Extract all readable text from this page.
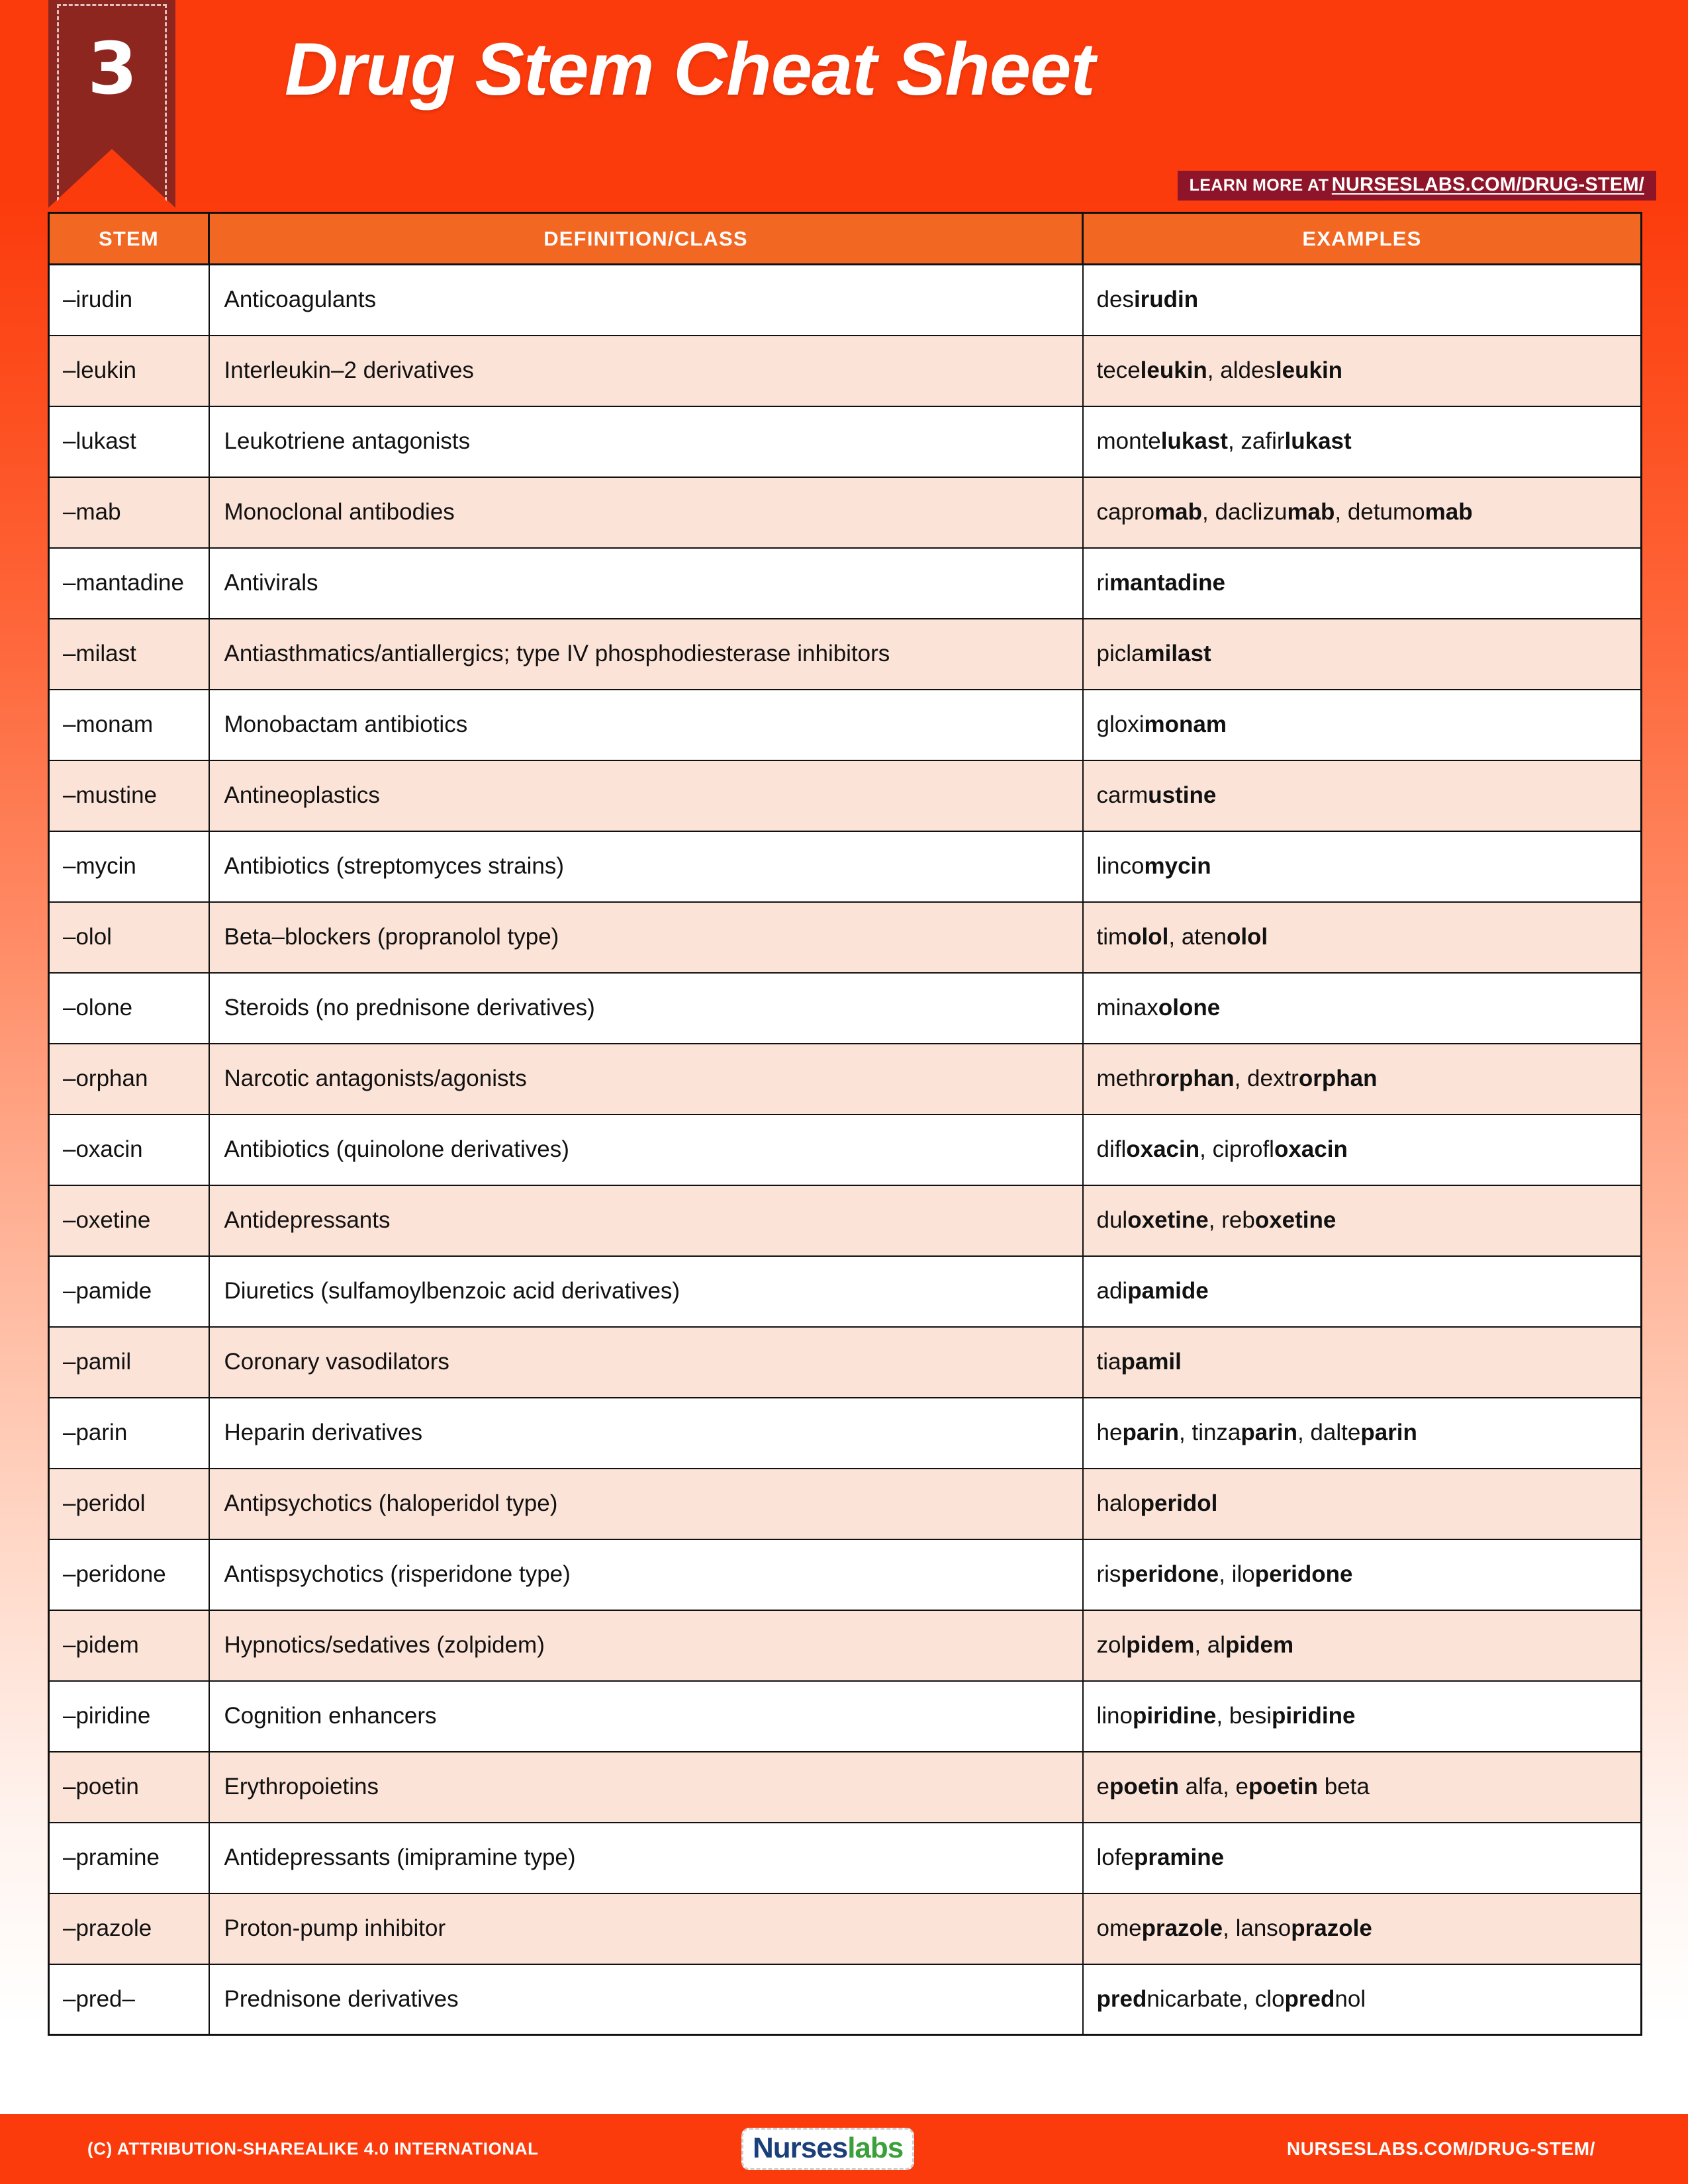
3	Drug Stem Cheat Sheet
LEARN MORE AT NURSESLABS.COM/DRUG-STEM/
STEM	DEFINITION/CLASS	EXAMPLES
–irudin	Anticoagulants	desirudin
–leukin	Interleukin–2 derivatives	teceleukin, aldesleukin
–lukast	Leukotriene antagonists	montelukast, zafirlukast
–mab	Monoclonal antibodies	capromab, daclizumab, detumomab
–mantadine	Antivirals	rimantadine
–milast	Antiasthmatics/antiallergics; type IV phosphodiesterase inhibitors	piclamilast
–monam	Monobactam antibiotics	gloximonam
–mustine	Antineoplastics	carmustine
–mycin	Antibiotics (streptomyces strains)	lincomycin
–olol	Beta–blockers (propranolol type)	timolol, atenolol
–olone	Steroids (no prednisone derivatives)	minaxolone
–orphan	Narcotic antagonists/agonists	methrorphan, dextrorphan
–oxacin	Antibiotics (quinolone derivatives)	difloxacin, ciprofloxacin
–oxetine	Antidepressants	duloxetine, reboxetine
–pamide	Diuretics (sulfamoylbenzoic acid derivatives)	adipamide
–pamil	Coronary vasodilators	tiapamil
–parin	Heparin derivatives	heparin, tinzaparin, dalteparin
–peridol	Antipsychotics (haloperidol type)	haloperidol
–peridone	Antispsychotics (risperidone type)	risperidone, iloperidone
–pidem	Hypnotics/sedatives (zolpidem)	zolpidem, alpidem
–piridine	Cognition enhancers	linopiridine, besipiridine
–poetin	Erythropoietins	epoetin alfa, epoetin beta
–pramine	Antidepressants (imipramine type)	lofepramine
–prazole	Proton-pump inhibitor	omeprazole, lansoprazole
–pred–	Prednisone derivatives	prednicarbate, cloprednol
(C) ATTRIBUTION-SHAREALIKE 4.0 INTERNATIONAL	Nurseslabs	NURSESLABS.COM/DRUG-STEM/
